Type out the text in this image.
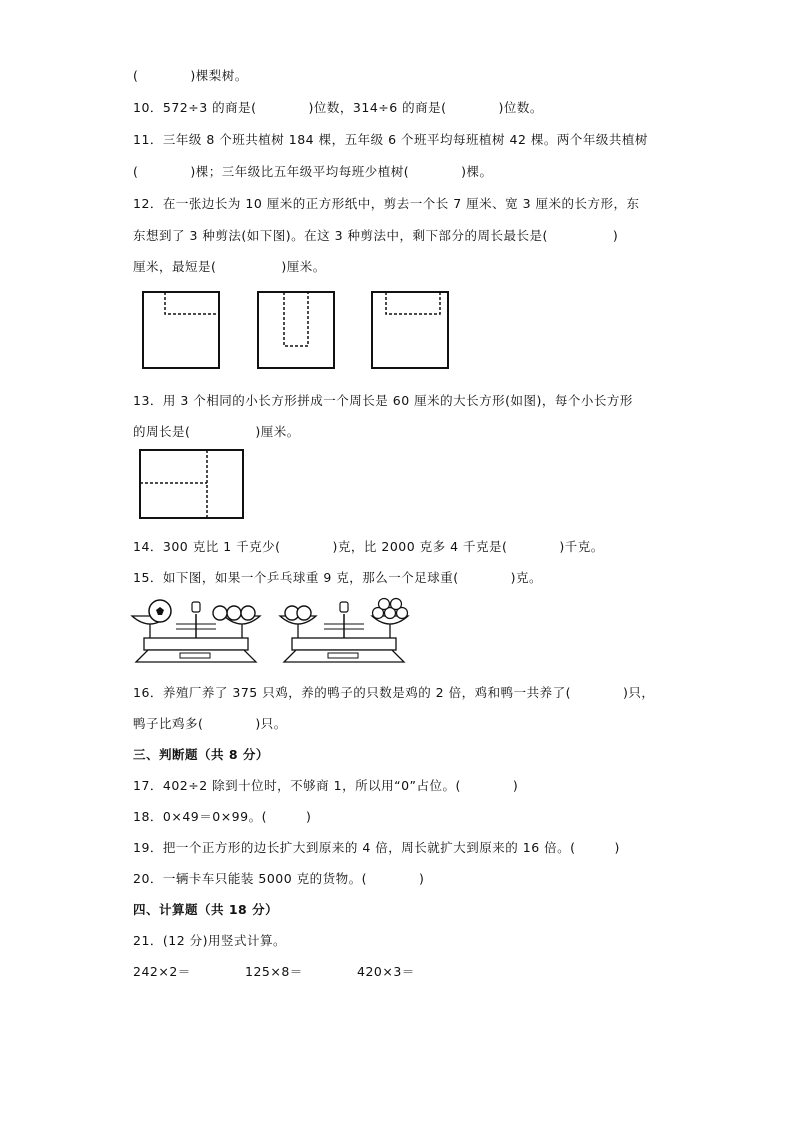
(　　　　)棵梨树。
10．572÷3 的商是(　　　　)位数，314÷6 的商是(　　　　)位数。
11．三年级 8 个班共植树 184 棵，五年级 6 个班平均每班植树 42 棵。两个年级共植树
(　　　　)棵；三年级比五年级平均每班少植树(　　　　)棵。
12．在一张边长为 10 厘米的正方形纸中，剪去一个长 7 厘米、宽 3 厘米的长方形，东
东想到了 3 种剪法(如下图)。在这 3 种剪法中，剩下部分的周长最长是(　　　　　)
厘米，最短是(　　　　　)厘米。
13．用 3 个相同的小长方形拼成一个周长是 60 厘米的大长方形(如图)，每个小长方形
的周长是(　　　　　)厘米。
14．300 克比 1 千克少(　　　　)克，比 2000 克多 4 千克是(　　　　)千克。
15．如下图，如果一个乒乓球重 9 克，那么一个足球重(　　　　)克。
16．养殖厂养了 375 只鸡，养的鸭子的只数是鸡的 2 倍，鸡和鸭一共养了(　　　　)只，
鸭子比鸡多(　　　　)只。
三、判断题（共 8 分）
17．402÷2 除到十位时，不够商 1，所以用“0”占位。(　　　　)
18．0×49＝0×99。(　　　)
19．把一个正方形的边长扩大到原来的 4 倍，周长就扩大到原来的 16 倍。(　　　)
20．一辆卡车只能装 5000 克的货物。(　　　　)
四、计算题（共 18 分）
21．(12 分)用竖式计算。
242×2＝	125×8＝	420×3＝
